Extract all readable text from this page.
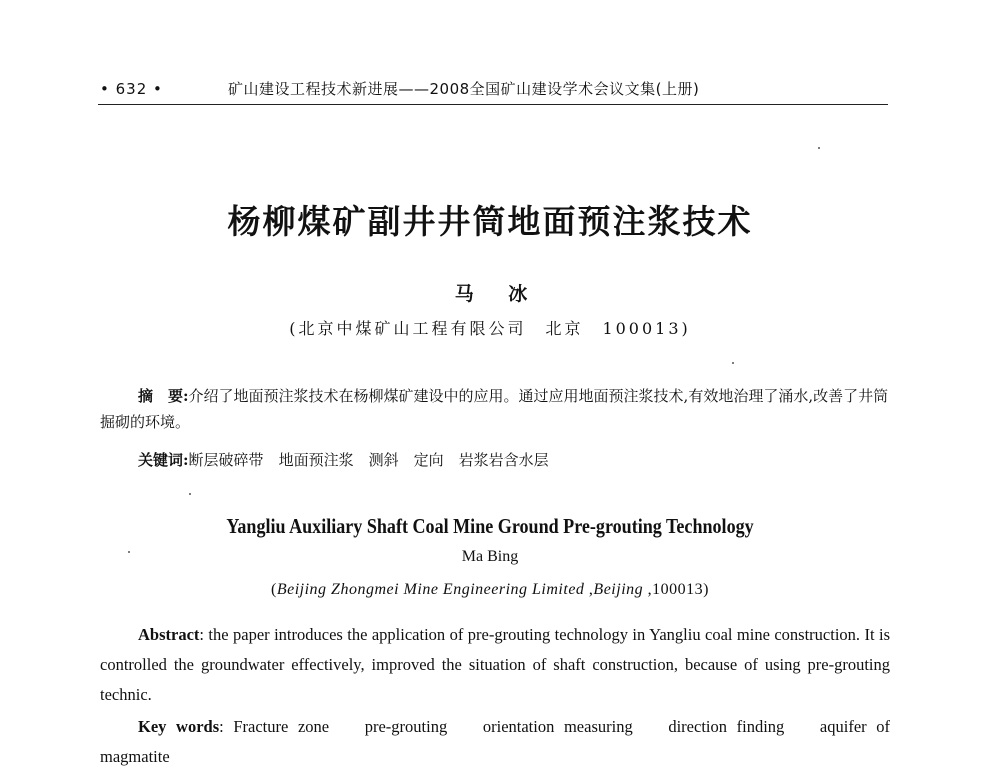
• 632 •	矿山建设工程技术新进展——2008全国矿山建设学术会议文集(上册)
杨柳煤矿副井井筒地面预注浆技术
马 冰
(北京中煤矿山工程有限公司　北京　100013)
摘　要:介绍了地面预注浆技术在杨柳煤矿建设中的应用。通过应用地面预注浆技术,有效地治理了涌水,改善了井筒掘砌的环境。
关键词:断层破碎带　地面预注浆　测斜　定向　岩浆岩含水层
Yangliu Auxiliary Shaft Coal Mine Ground Pre-grouting Technology
Ma Bing
(Beijing Zhongmei Mine Engineering Limited ,Beijing ,100013)
Abstract: the paper introduces the application of pre-grouting technology in Yangliu coal mine construction. It is controlled the groundwater effectively, improved the situation of shaft construction, because of using pre-grouting technic.
Key words: Fracture zone pre-grouting orientation measuring direction finding aquifer of magmatite
